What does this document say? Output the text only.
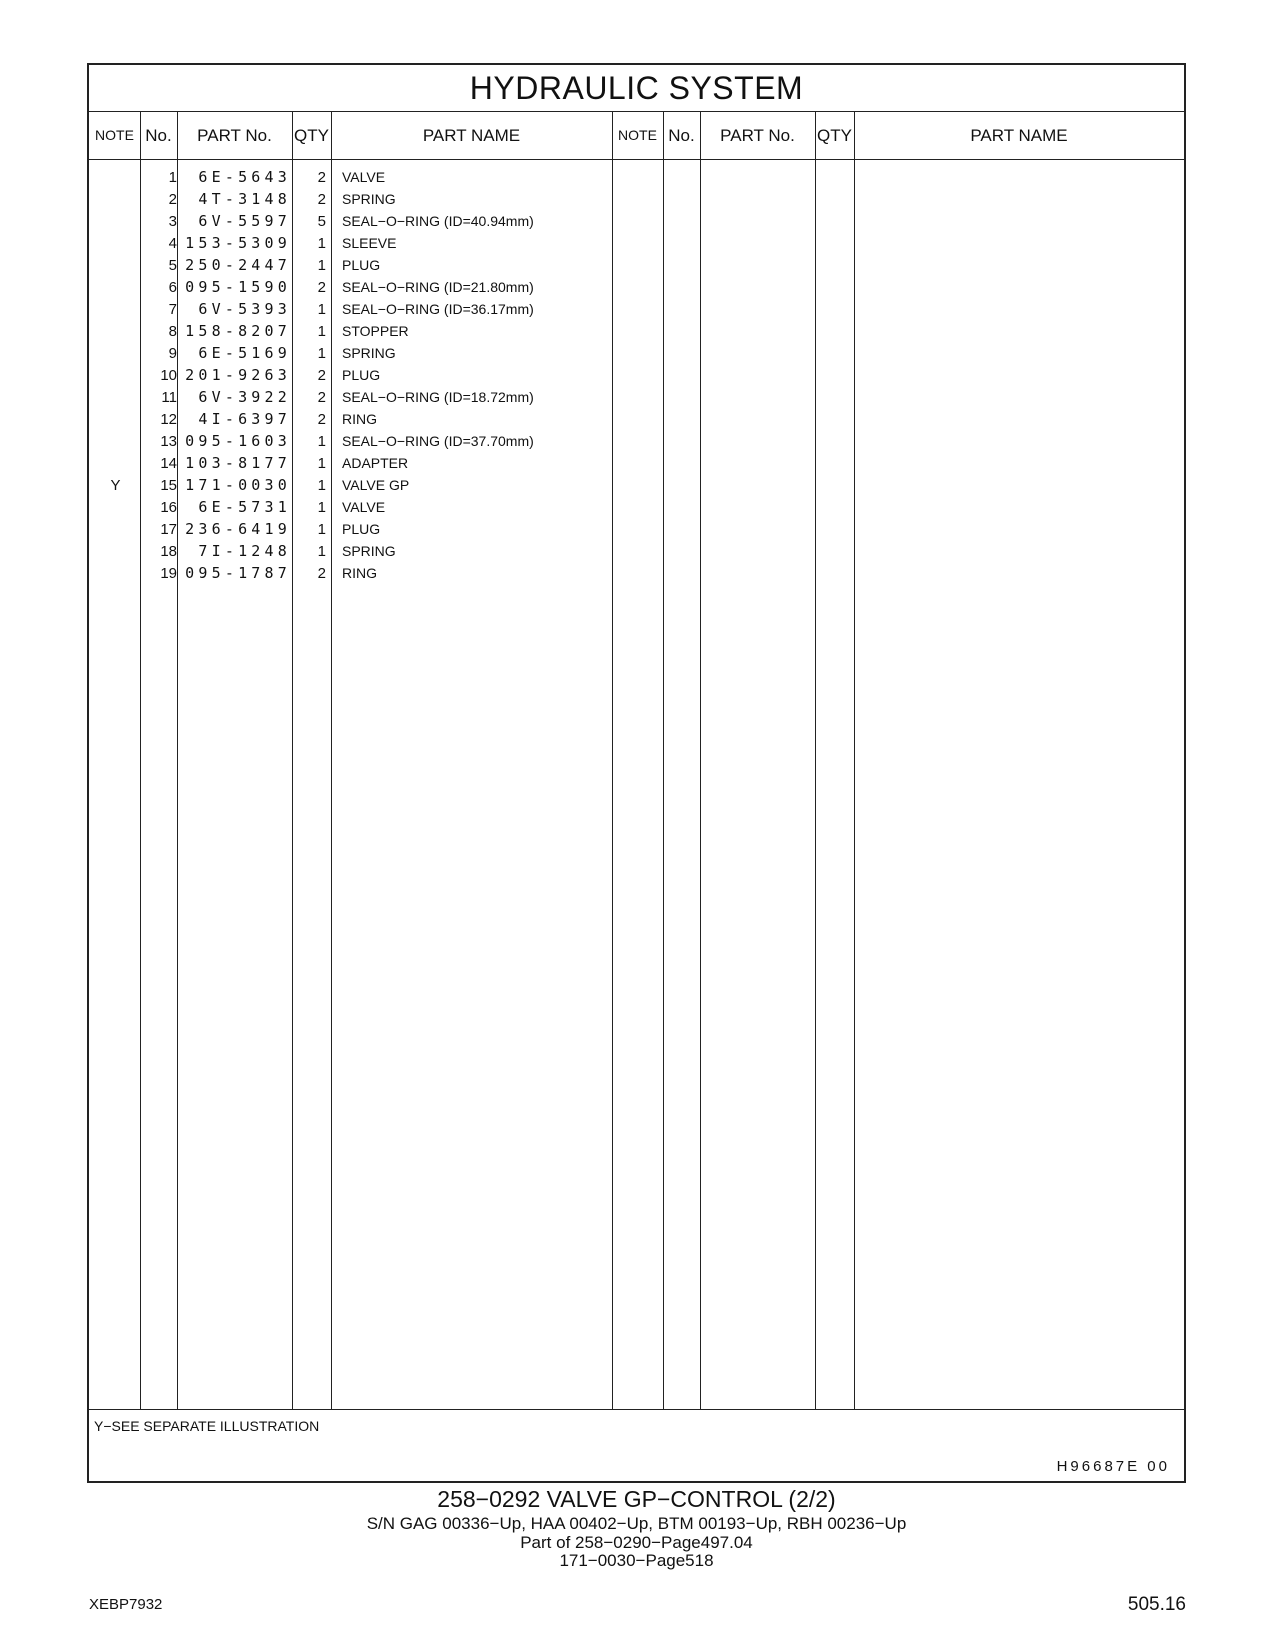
HYDRAULIC SYSTEM
NOTE No.	PART No.	QTY	PART NAME	NOTE No.	PART No.	QTY	PART NAME
1	6E-5643	2 VALVE
2	4T-3148	2 SPRING
3	6V-5597	5 SEAL−O−RING (ID=40.94mm)
4 153-5309	1 SLEEVE
5 250-2447	1 PLUG
6 095-1590	2 SEAL−O−RING (ID=21.80mm)
7	6V-5393	1 SEAL−O−RING (ID=36.17mm)
8 158-8207	1 STOPPER
9	6E-5169	1 SPRING
10 201-9263	2 PLUG
11	6V-3922	2 SEAL−O−RING (ID=18.72mm)
12	4I-6397	2 RING
13 095-1603	1 SEAL−O−RING (ID=37.70mm)
14 103-8177	1 ADAPTER
Y	15 171-0030	1 VALVE GP
16	6E-5731	1 VALVE
17 236-6419	1 PLUG
18	7I-1248	1 SPRING
19 095-1787	2 RING
Y−SEE SEPARATE ILLUSTRATION
H96687E 00
258−0292 VALVE GP−CONTROL (2/2)
S/N GAG 00336−Up, HAA 00402−Up, BTM 00193−Up, RBH 00236−Up
Part of 258−0290−Page497.04
171−0030−Page518
XEBP7932	505.16
